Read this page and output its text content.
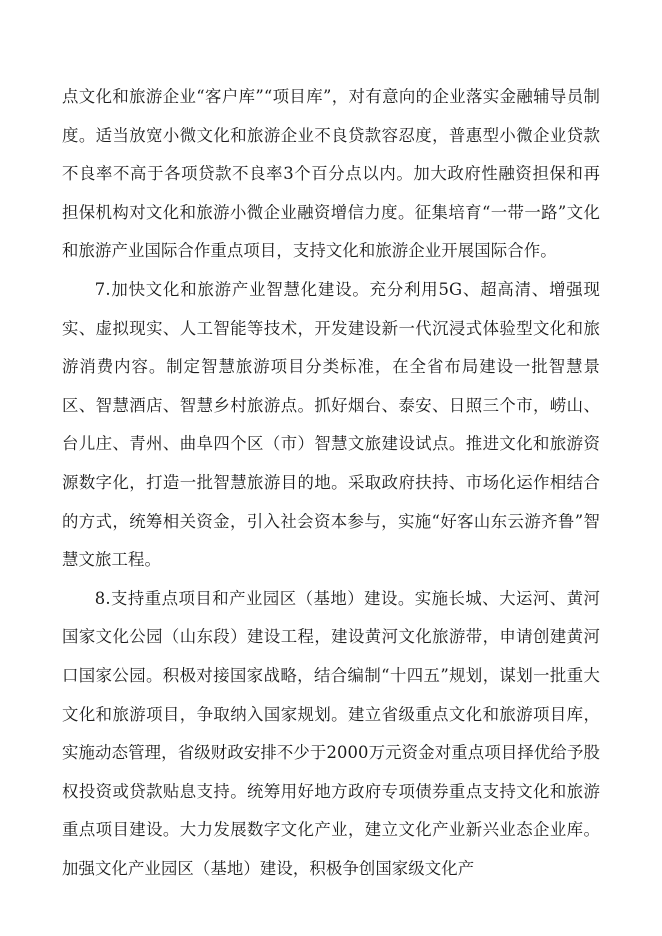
点文化和旅游企业“客户库”“项目库”，对有意向的企业落实金融辅导员制度。适当放宽小微文化和旅游企业不良贷款容忍度，普惠型小微企业贷款不良率不高于各项贷款不良率3个百分点以内。加大政府性融资担保和再担保机构对文化和旅游小微企业融资增信力度。征集培育“一带一路”文化和旅游产业国际合作重点项目，支持文化和旅游企业开展国际合作。

7.加快文化和旅游产业智慧化建设。充分利用5G、超高清、增强现实、虚拟现实、人工智能等技术，开发建设新一代沉浸式体验型文化和旅游消费内容。制定智慧旅游项目分类标准，在全省布局建设一批智慧景区、智慧酒店、智慧乡村旅游点。抓好烟台、泰安、日照三个市，崂山、台儿庄、青州、曲阜四个区（市）智慧文旅建设试点。推进文化和旅游资源数字化，打造一批智慧旅游目的地。采取政府扶持、市场化运作相结合的方式，统筹相关资金，引入社会资本参与，实施“好客山东云游齐鲁”智慧文旅工程。

8.支持重点项目和产业园区（基地）建设。实施长城、大运河、黄河国家文化公园（山东段）建设工程，建设黄河文化旅游带，申请创建黄河口国家公园。积极对接国家战略，结合编制“十四五”规划，谋划一批重大文化和旅游项目，争取纳入国家规划。建立省级重点文化和旅游项目库，实施动态管理，省级财政安排不少于2000万元资金对重点项目择优给予股权投资或贷款贴息支持。统筹用好地方政府专项债券重点支持文化和旅游重点项目建设。大力发展数字文化产业，建立文化产业新兴业态企业库。加强文化产业园区（基地）建设，积极争创国家级文化产
